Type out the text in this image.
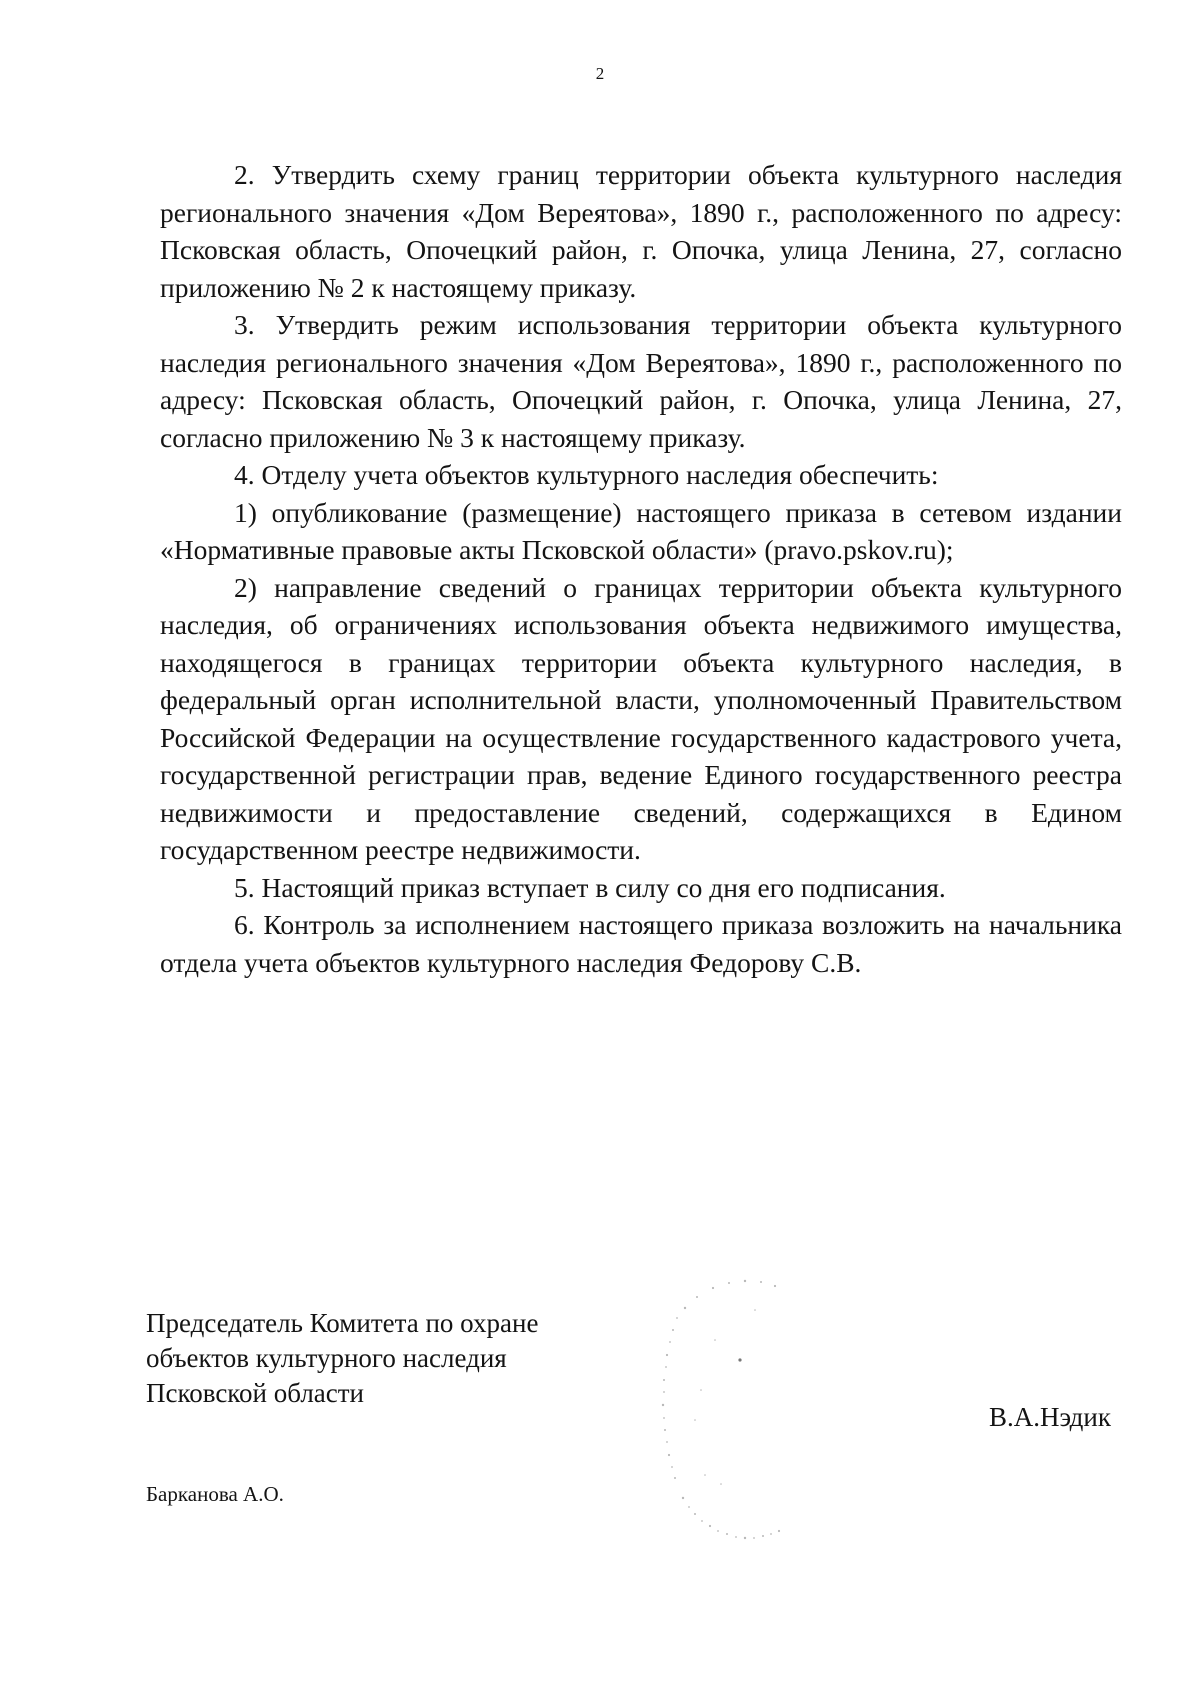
2

2. Утвердить схему границ территории объекта культурного наследия регионального значения «Дом Вереятова», 1890 г., расположенного по адресу: Псковская область, Опочецкий район, г. Опочка, улица Ленина, 27, согласно приложению № 2 к настоящему приказу.

3. Утвердить режим использования территории объекта культурного наследия регионального значения «Дом Вереятова», 1890 г., расположенного по адресу: Псковская область, Опочецкий район, г. Опочка, улица Ленина, 27, согласно приложению № 3 к настоящему приказу.

4. Отделу учета объектов культурного наследия обеспечить:

1) опубликование (размещение) настоящего приказа в сетевом издании «Нормативные правовые акты Псковской области» (pravo.pskov.ru);

2) направление сведений о границах территории объекта культурного наследия, об ограничениях использования объекта недвижимого имущества, находящегося в границах территории объекта культурного наследия, в федеральный орган исполнительной власти, уполномоченный Правительством Российской Федерации на осуществление государственного кадастрового учета, государственной регистрации прав, ведение Единого государственного реестра недвижимости и предоставление сведений, содержащихся в Едином государственном реестре недвижимости.

5. Настоящий приказ вступает в силу со дня его подписания.

6. Контроль за исполнением настоящего приказа возложить на начальника отдела учета объектов культурного наследия Федорову С.В.

Председатель Комитета по охране
объектов культурного наследия
Псковской области
В.А.Нэдик
Барканова А.О.
